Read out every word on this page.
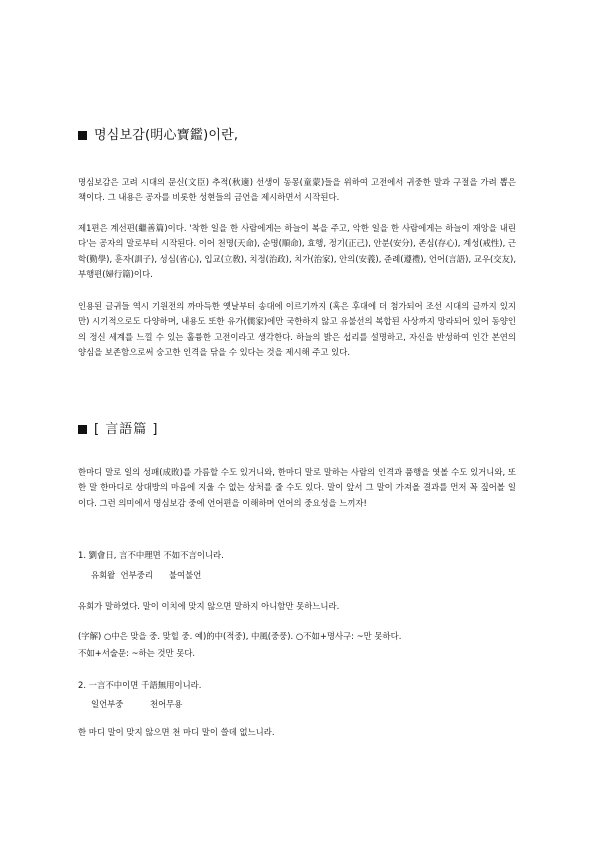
명심보감(明心寶鑑)이란,
명심보감은 고려 시대의 문신(文臣) 추적(秋適) 선생이 동몽(童蒙)들을 위하여 고전에서 귀중한 말과 구절을 가려 뽑은 책이다. 그 내용은 공자를 비롯한 성현들의 금언을 제시하면서 시작된다.
제1편은 계선편(繼善篇)이다. '착한 일을 한 사람에게는 하늘이 복을 주고, 악한 일을 한 사람에게는 하늘이 재앙을 내린다'는 공자의 말로부터 시작된다. 이어 천명(天命), 순명(順命), 효행, 정기(正己), 안분(安分), 존심(存心), 계성(戒性), 근학(勤學), 훈자(訓子), 성심(省心), 입교(立敎), 치정(治政), 치가(治家), 안의(安義), 준례(遵禮), 언어(言語), 교우(交友), 부행편(婦行篇)이다.
인용된 글귀들 역시 기원전의 까마득한 옛날부터 송대에 이르기까지 (혹은 후대에 더 첨가되어 조선 시대의 글까지 있지만) 시기적으로도 다양하며, 내용도 또한 유가(儒家)에만 국한하지 않고 유불선의 복합된 사상까지 망라되어 있어 동양인의 정신 세계를 느낄 수 있는 훌륭한 고전이라고 생각한다. 하늘의 밝은 섭리를 설명하고, 자신을 반성하여 인간 본연의 양심을 보존함으로써 숭고한 인격을 닦을 수 있다는 것을 제시해 주고 있다.
[ 言語篇 ]
한마디 말로 일의 성패(成敗)를 가름할 수도 있거니와, 한마디 말로 말하는 사람의 인격과 품행을 엿볼 수도 있거니와, 또한 말 한마디로 상대방의 마음에 지울 수 없는 상처를 줄 수도 있다. 말이 앞서 그 말이 가져올 결과를 먼저 꼭 짚어볼 일이다. 그런 의미에서 명심보감 중에 언어편을 이해하며 언어의 중요성을 느끼자!
1. 劉會日, 言不中理면 不如不言이니라.
유회왈  언부중리      불여불언
유회가 말하였다. 말이 이치에 맞지 않으면 말하지 아니함만 못하느니라.
(字解) ○中은 맞을 중. 맞힐 중. 예)的中(적중), 中風(중풍). ○不如+명사구: ~만 못하다.
不如+서술문: ~하는 것만 못다.
2. 一言不中이면 千語無用이니라.
일언부중          천어무용
한 마디 말이 맞지 않으면 천 마디 말이 쓸데 없느니라.
